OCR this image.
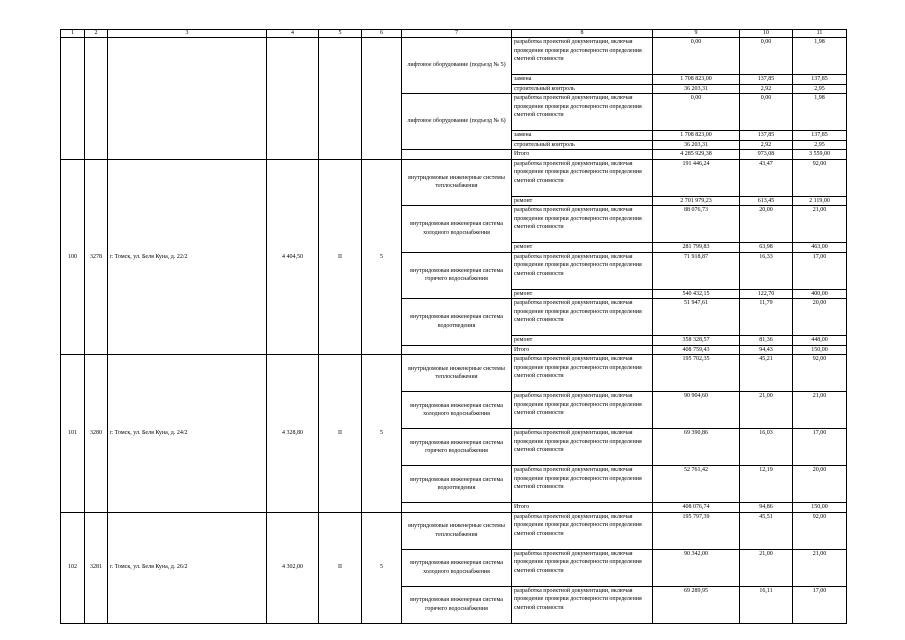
1	2	3	4	5	6	7	8	9	10	11
						лифтовое оборудование (подъезд № 5)	разработка проектной документации, включая проведение проверки достоверности определения сметной стоимости	0,00	0,00	1,98
							замена	1 708 823,00	137,85	137,85
							строительный контроль	36 203,31	2,92	2,95
						лифтовое оборудование (подъезд № 6)	разработка проектной документации, включая проведение проверки достоверности определения сметной стоимости	0,00	0,00	1,98
							замена	1 708 823,00	137,85	137,85
							строительный контроль	36 203,31	2,92	2,95
							Итого	4 285 929,38	973,08	3 559,00
100	3278	г. Томск, ул. Беля Куна, д. 22/2	4 404,50	II	5	внутридомовые инженерные системы теплоснабжения	разработка проектной документации, включая проведение проверки достоверности определения сметной стоимости	191 446,24	43,47	92,00
							ремонт	2 701 979,23	613,45	2 119,00
						внутридомовая инженерная система холодного водоснабжения	разработка проектной документации, включая проведение проверки достоверности определения сметной стоимости	88 076,73	20,00	21,00
							ремонт	281 799,83	63,98	463,00
						внутридомовая инженерная система горячего водоснабжения	разработка проектной документации, включая проведение проверки достоверности определения сметной стоимости	71 918,87	16,33	17,00
							ремонт	540 432,15	122,70	400,00
						внутридомовая инженерная система водоотведения	разработка проектной документации, включая проведение проверки достоверности определения сметной стоимости	51 947,61	11,79	20,00
							ремонт	358 328,57	81,36	448,00
							Итого	408 759,43	94,43	150,00
101	3280	г. Томск, ул. Беля Куна, д. 24/2	4 328,80	II	5	внутридомовые инженерные системы теплоснабжения	разработка проектной документации, включая проведение проверки достоверности определения сметной стоимости	195 702,35	45,21	92,00
						внутридомовая инженерная система холодного водоснабжения	разработка проектной документации, включая проведение проверки достоверности определения сметной стоимости	90 904,60	21,00	21,00
						внутридомовая инженерная система горячего водоснабжения	разработка проектной документации, включая проведение проверки достоверности определения сметной стоимости	69 390,86	16,03	17,00
						внутридомовая инженерная система водоотведения	разработка проектной документации, включая проведение проверки достоверности определения сметной стоимости	52 761,42	12,19	20,00
							Итого	408 076,74	94,86	150,00
102	3281	г. Томск, ул. Беля Куна, д. 26/2	4 302,00	II	5	внутридомовые инженерные системы теплоснабжения	разработка проектной документации, включая проведение проверки достоверности определения сметной стоимости	195 797,39	45,51	92,00
						внутридомовая инженерная система холодного водоснабжения	разработка проектной документации, включая проведение проверки достоверности определения сметной стоимости	90 342,00	21,00	21,00
						внутридомовая инженерная система горячего водоснабжения	разработка проектной документации, включая проведение проверки достоверности определения сметной стоимости	69 289,95	16,11	17,00
